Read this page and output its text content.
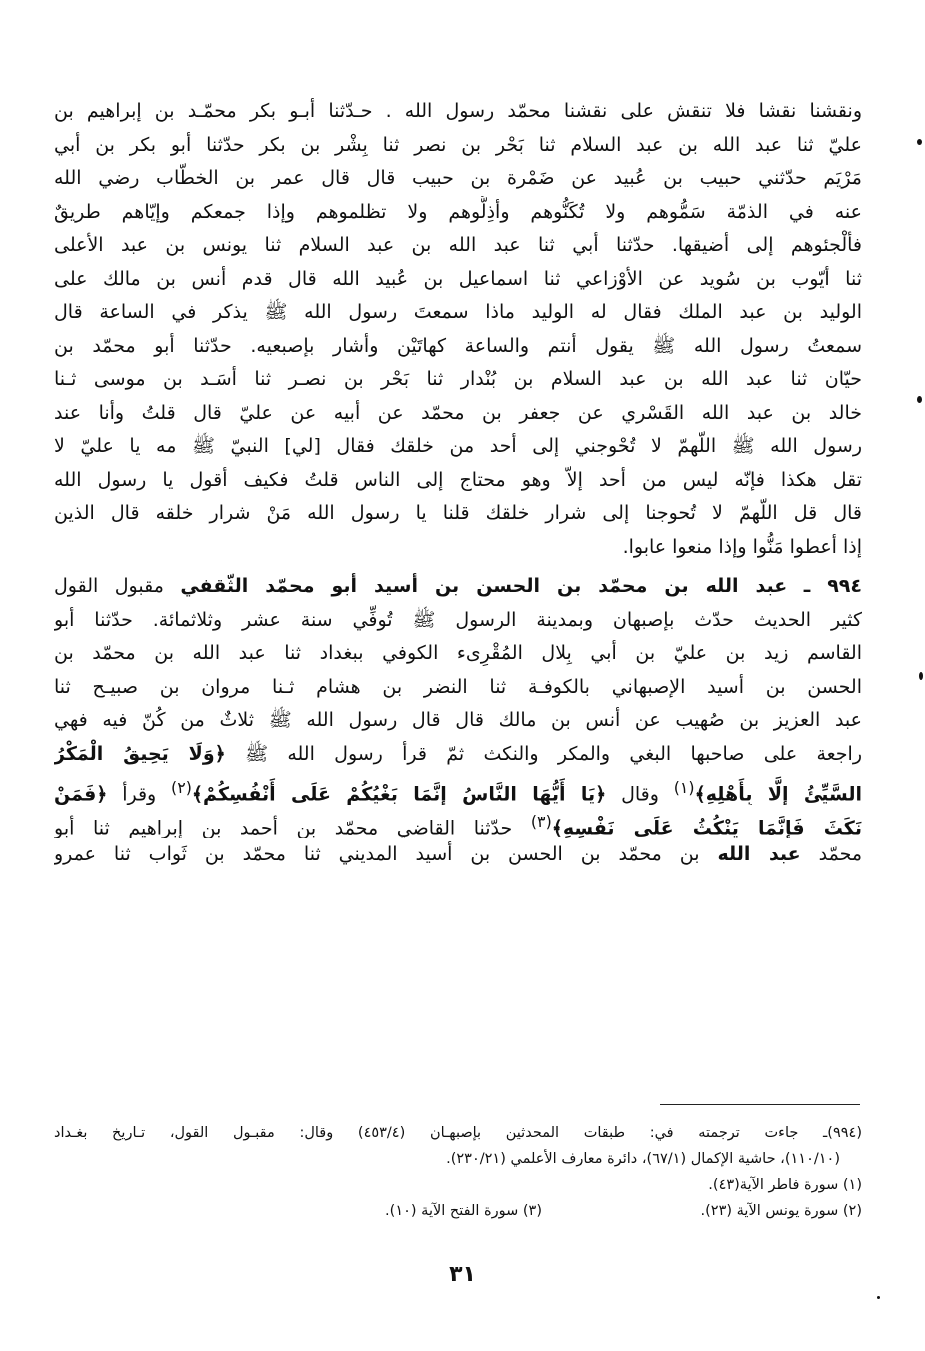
ونقشنا نقشا فلا تنقش على نقشنا محمّد رسول الله . حـدّثنا أبـو بكر محمّـد بن إبراهيم بن
عليّ ثنا عبد الله بن عبد السلام ثنا بَحْر بن نصر ثنا بِشْر بن بكر حدّثنا أبو بكر بن أبي
مَرْيَم حدّثني حبيب بن عُبيد عن ضَمْرة بن حبيب قال قال عمر بن الخطّاب رضي الله
عنه في الذمّة سَمُّوهم ولا تُكَنُّوهم وأذِلُّوهم ولا تظلموهم وإذا جمعكم وإيّاهم طريقٌ
فألْجئوهم إلى أضيقها. حدّثنا أبي ثنا عبد الله بن عبد السلام ثنا يونس بن عبد الأعلى
ثنا أيّوب بن سُويد عن الأوْزاعي ثنا اسماعيل بن عُبيد الله قال قدم أنس بن مالك على
الوليد بن عبد الملك فقال له الوليد ماذا سمعتَ رسول الله ﷺ يذكر في الساعة قال
سمعتُ رسول الله ﷺ يقول أنتم والساعة كهاتَيْن وأشار بإصبعيه. حدّثنا أبو محمّد بن
حيّان ثنا عبد الله بن عبد السلام بن بُنْدار ثنا بَحْر بن نصـر ثنا أسَـد بن موسى ثـنا
خالد بن عبد الله القَسْري عن جعفر بن محمّد عن أبيه عن عليّ قال قلتُ وأنا عند
رسول الله ﷺ اللّهمّ لا تُحْوجني إلى أحد من خلقك فقال [لي] النبيّ ﷺ مه يا عليّ لا
تقل هكذا فإنّه ليس من أحد إلاّ وهو محتاج إلى الناس قلتُ فكيف أقول يا رسول الله
قال قل اللّهمّ لا تُحوجنا إلى شرار خلقك قلنا يا رسول الله مَنْ شرار خلقه قال الذين
إذا أعطوا مَنُّوا وإذا منعوا عابوا.
٩٩٤ ـ عبد الله بن محمّد بن الحسن بن أسيد أبو محمّد الثّقفي مقبول القول
كثير الحديث حدّث بإصبهان وبمدينة الرسول ﷺ تُوفِّي سنة عشر وثلاثمائة. حدّثنا أبو
القاسم زيد بن عليّ بن أبي بِلال المُقْرِىء الكوفي ببغداد ثنا عبد الله بن محمّد بن
الحسن بن أسيد الإصبهاني بالكوفـة ثنا النضر بن هشام ثـنا مروان بن صبيـح ثنا
عبد العزيز بن صُهيب عن أنس بن مالك قال قال رسول الله ﷺ ثلاثٌ من كُنّ فيه فهي
راجعة على صاحبها البغي والمكر والنكث ثمّ قرأ رسول الله ﷺ ﴿وَلَا يَحِيقُ الْمَكْرُ
السَّيِّئُ إِلَّا بِأَهْلِهِ﴾$^{(١)}$ وقال ﴿يَا أَيُّهَا النَّاسُ إِنَّمَا بَغْيُكُمْ عَلَى أَنْفُسِكُمْ﴾$^{(٢)}$ وقرأ ﴿فَمَنْ
نَكَثَ فَإِنَّمَا يَنْكُثُ عَلَى نَفْسِهِ﴾$^{(٣)}$ حدّثنا القاضي محمّد بن أحمد بن إبراهيم ثنا أبو
محمّد عبد الله بن محمّد بن الحسن بن أسيد المديني ثنا محمّد بن ثَواب ثنا عمرو
(٩٩٤)ـ جاءت ترجمته في: طبقات المحدثين بإصبهـان (٤٥٣/٤) وقال: مقبـول القول، تـاريخ بغـداد
(١١٠/١٠)، حاشية الإكمال (٦٧/١)، دائرة معارف الأعلمي (٢٣٠/٢١).
(١) سورة فاطر الآية(٤٣).
(٢) سورة يونس الآية (٢٣).
(٣) سورة الفتح الآية (١٠).
٣١
